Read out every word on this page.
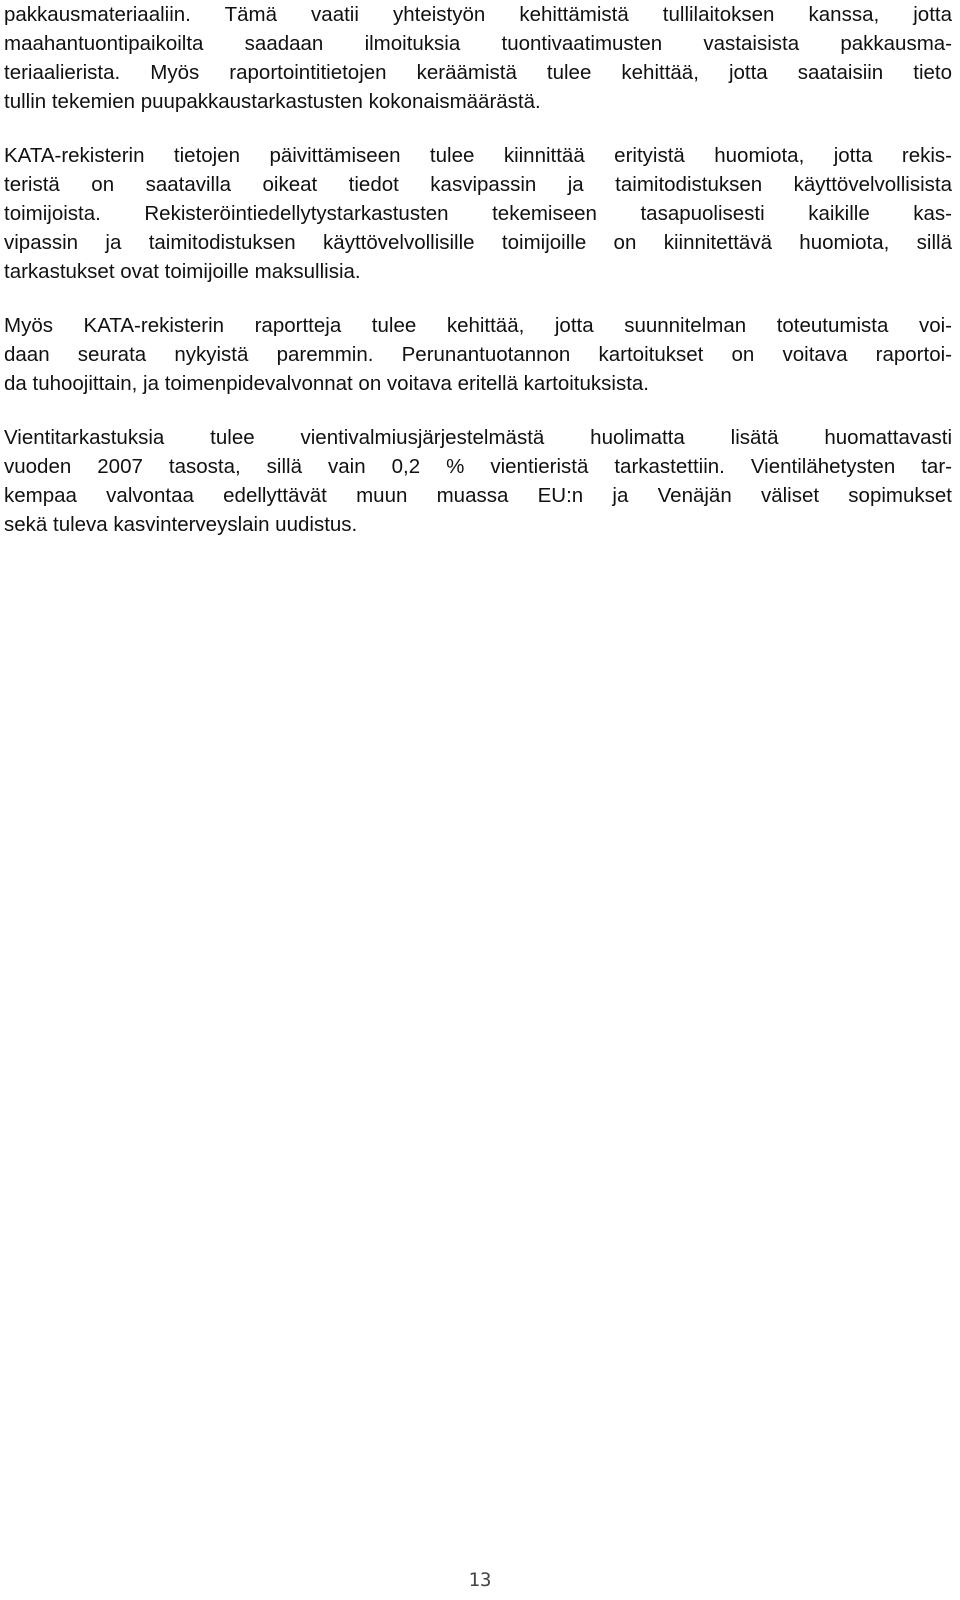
pakkausmateriaaliin. Tämä vaatii yhteistyön kehittämistä tullilaitoksen kanssa, jotta
maahantuontipaikoilta saadaan ilmoituksia tuontivaatimusten vastaisista pakkausma-
teriaalierista. Myös raportointitietojen keräämistä tulee kehittää, jotta saataisiin tieto
tullin tekemien puupakkaustarkastusten kokonaismäärästä.
KATA-rekisterin tietojen päivittämiseen tulee kiinnittää erityistä huomiota, jotta rekis-
teristä on saatavilla oikeat tiedot kasvipassin ja taimitodistuksen käyttövelvollisista
toimijoista. Rekisteröintiedellytystarkastusten tekemiseen tasapuolisesti kaikille kas-
vipassin ja taimitodistuksen käyttövelvollisille toimijoille on kiinnitettävä huomiota, sillä
tarkastukset ovat toimijoille maksullisia.
Myös KATA-rekisterin raportteja tulee kehittää, jotta suunnitelman toteutumista voi-
daan seurata nykyistä paremmin. Perunantuotannon kartoitukset on voitava raportoi-
da tuhoojittain, ja toimenpidevalvonnat on voitava eritellä kartoituksista.
Vientitarkastuksia tulee vientivalmiusjärjestelmästä huolimatta lisätä huomattavasti
vuoden 2007 tasosta, sillä vain 0,2 % vientieristä tarkastettiin. Vientilähetysten tar-
kempaa valvontaa edellyttävät muun muassa EU:n ja Venäjän väliset sopimukset
sekä tuleva kasvinterveyslain uudistus.
13
